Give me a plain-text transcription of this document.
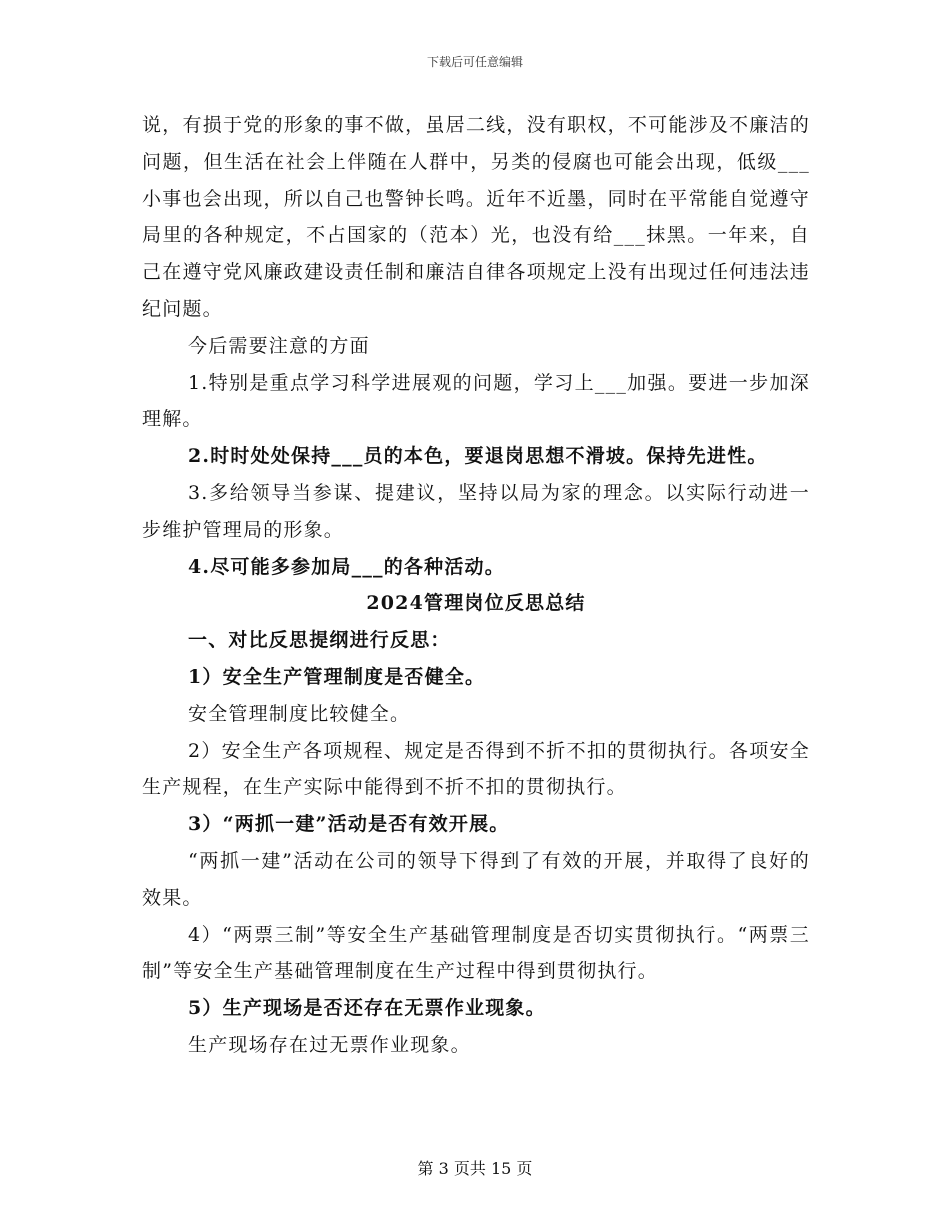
下载后可任意编辑

说，有损于党的形象的事不做，虽居二线，没有职权，不可能涉及不廉洁的问题，但生活在社会上伴随在人群中，另类的侵腐也可能会出现，低级___小事也会出现，所以自己也警钟长鸣。近年不近墨，同时在平常能自觉遵守局里的各种规定，不占国家的（范本）光，也没有给___抹黑。一年来，自己在遵守党风廉政建设责任制和廉洁自律各项规定上没有出现过任何违法违纪问题。

今后需要注意的方面

1.特别是重点学习科学进展观的问题，学习上___加强。要进一步加深理解。

2.时时处处保持___员的本色，要退岗思想不滑坡。保持先进性。

3.多给领导当参谋、提建议，坚持以局为家的理念。以实际行动进一步维护管理局的形象。

4.尽可能多参加局___的各种活动。

2024管理岗位反思总结

一、对比反思提纲进行反思：

1）安全生产管理制度是否健全。

安全管理制度比较健全。

2）安全生产各项规程、规定是否得到不折不扣的贯彻执行。各项安全生产规程，在生产实际中能得到不折不扣的贯彻执行。

3）“两抓一建”活动是否有效开展。

“两抓一建”活动在公司的领导下得到了有效的开展，并取得了良好的效果。

4）“两票三制”等安全生产基础管理制度是否切实贯彻执行。“两票三制”等安全生产基础管理制度在生产过程中得到贯彻执行。

5）生产现场是否还存在无票作业现象。

生产现场存在过无票作业现象。

第 3 页共 15 页
